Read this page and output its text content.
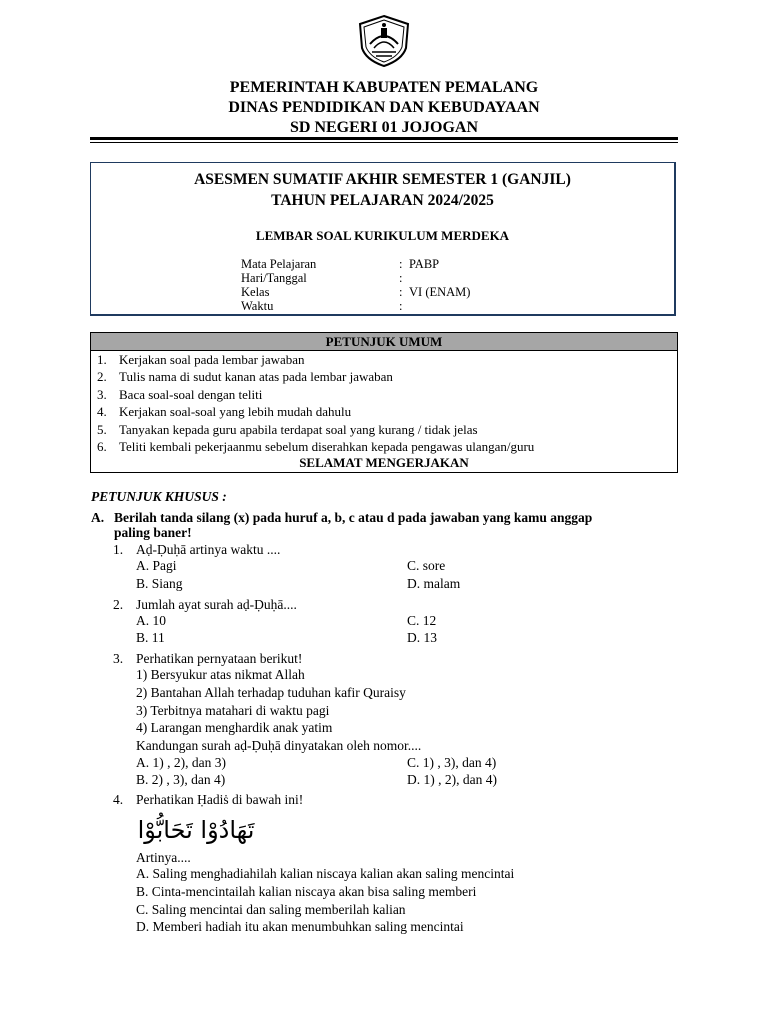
PEMERINTAH KABUPATEN PEMALANG
DINAS PENDIDIKAN DAN KEBUDAYAAN
SD NEGERI 01 JOJOGAN
ASESMEN SUMATIF AKHIR SEMESTER 1 (GANJIL)
TAHUN PELAJARAN 2024/2025
LEMBAR SOAL KURIKULUM MERDEKA
Mata Pelajaran	: PABP
Hari/Tanggal	:
Kelas	: VI (ENAM)
Waktu	:
PETUNJUK UMUM
1. Kerjakan soal pada lembar jawaban
2. Tulis nama di sudut kanan atas pada lembar jawaban
3. Baca soal-soal dengan teliti
4. Kerjakan soal-soal yang lebih mudah dahulu
5. Tanyakan kepada guru apabila terdapat soal yang kurang / tidak jelas
6. Teliti kembali pekerjaanmu sebelum diserahkan kepada pengawas ulangan/guru
SELAMAT MENGERJAKAN
PETUNJUK KHUSUS :
A. Berilah tanda silang (x) pada huruf a, b, c atau d pada jawaban yang kamu anggap
paling baner!
1. Aḍ-Ḍuḥā artinya waktu ....
A. Pagi	C. sore
B. Siang	D. malam
2. Jumlah ayat surah aḍ-Ḍuḥā....
A. 10	C. 12
B. 11	D. 13
3. Perhatikan pernyataan berikut!
1) Bersyukur atas nikmat Allah
2) Bantahan Allah terhadap tuduhan kafir Quraisy
3) Terbitnya matahari di waktu pagi
4) Larangan menghardik anak yatim
Kandungan surah aḍ-Ḍuḥā dinyatakan oleh nomor....
A. 1) , 2), dan 3)	C. 1) , 3), dan 4)
B. 2) , 3), dan 4)	D. 1) , 2), dan 4)
4. Perhatikan Ḥadiṡ di bawah ini!
تَهَادُوْا تَحَابُّوْا
Artinya....
A. Saling menghadiahilah kalian niscaya kalian akan saling mencintai
B. Cinta-mencintailah kalian niscaya akan bisa saling memberi
C. Saling mencintai dan saling memberilah kalian
D. Memberi hadiah itu akan menumbuhkan saling mencintai
